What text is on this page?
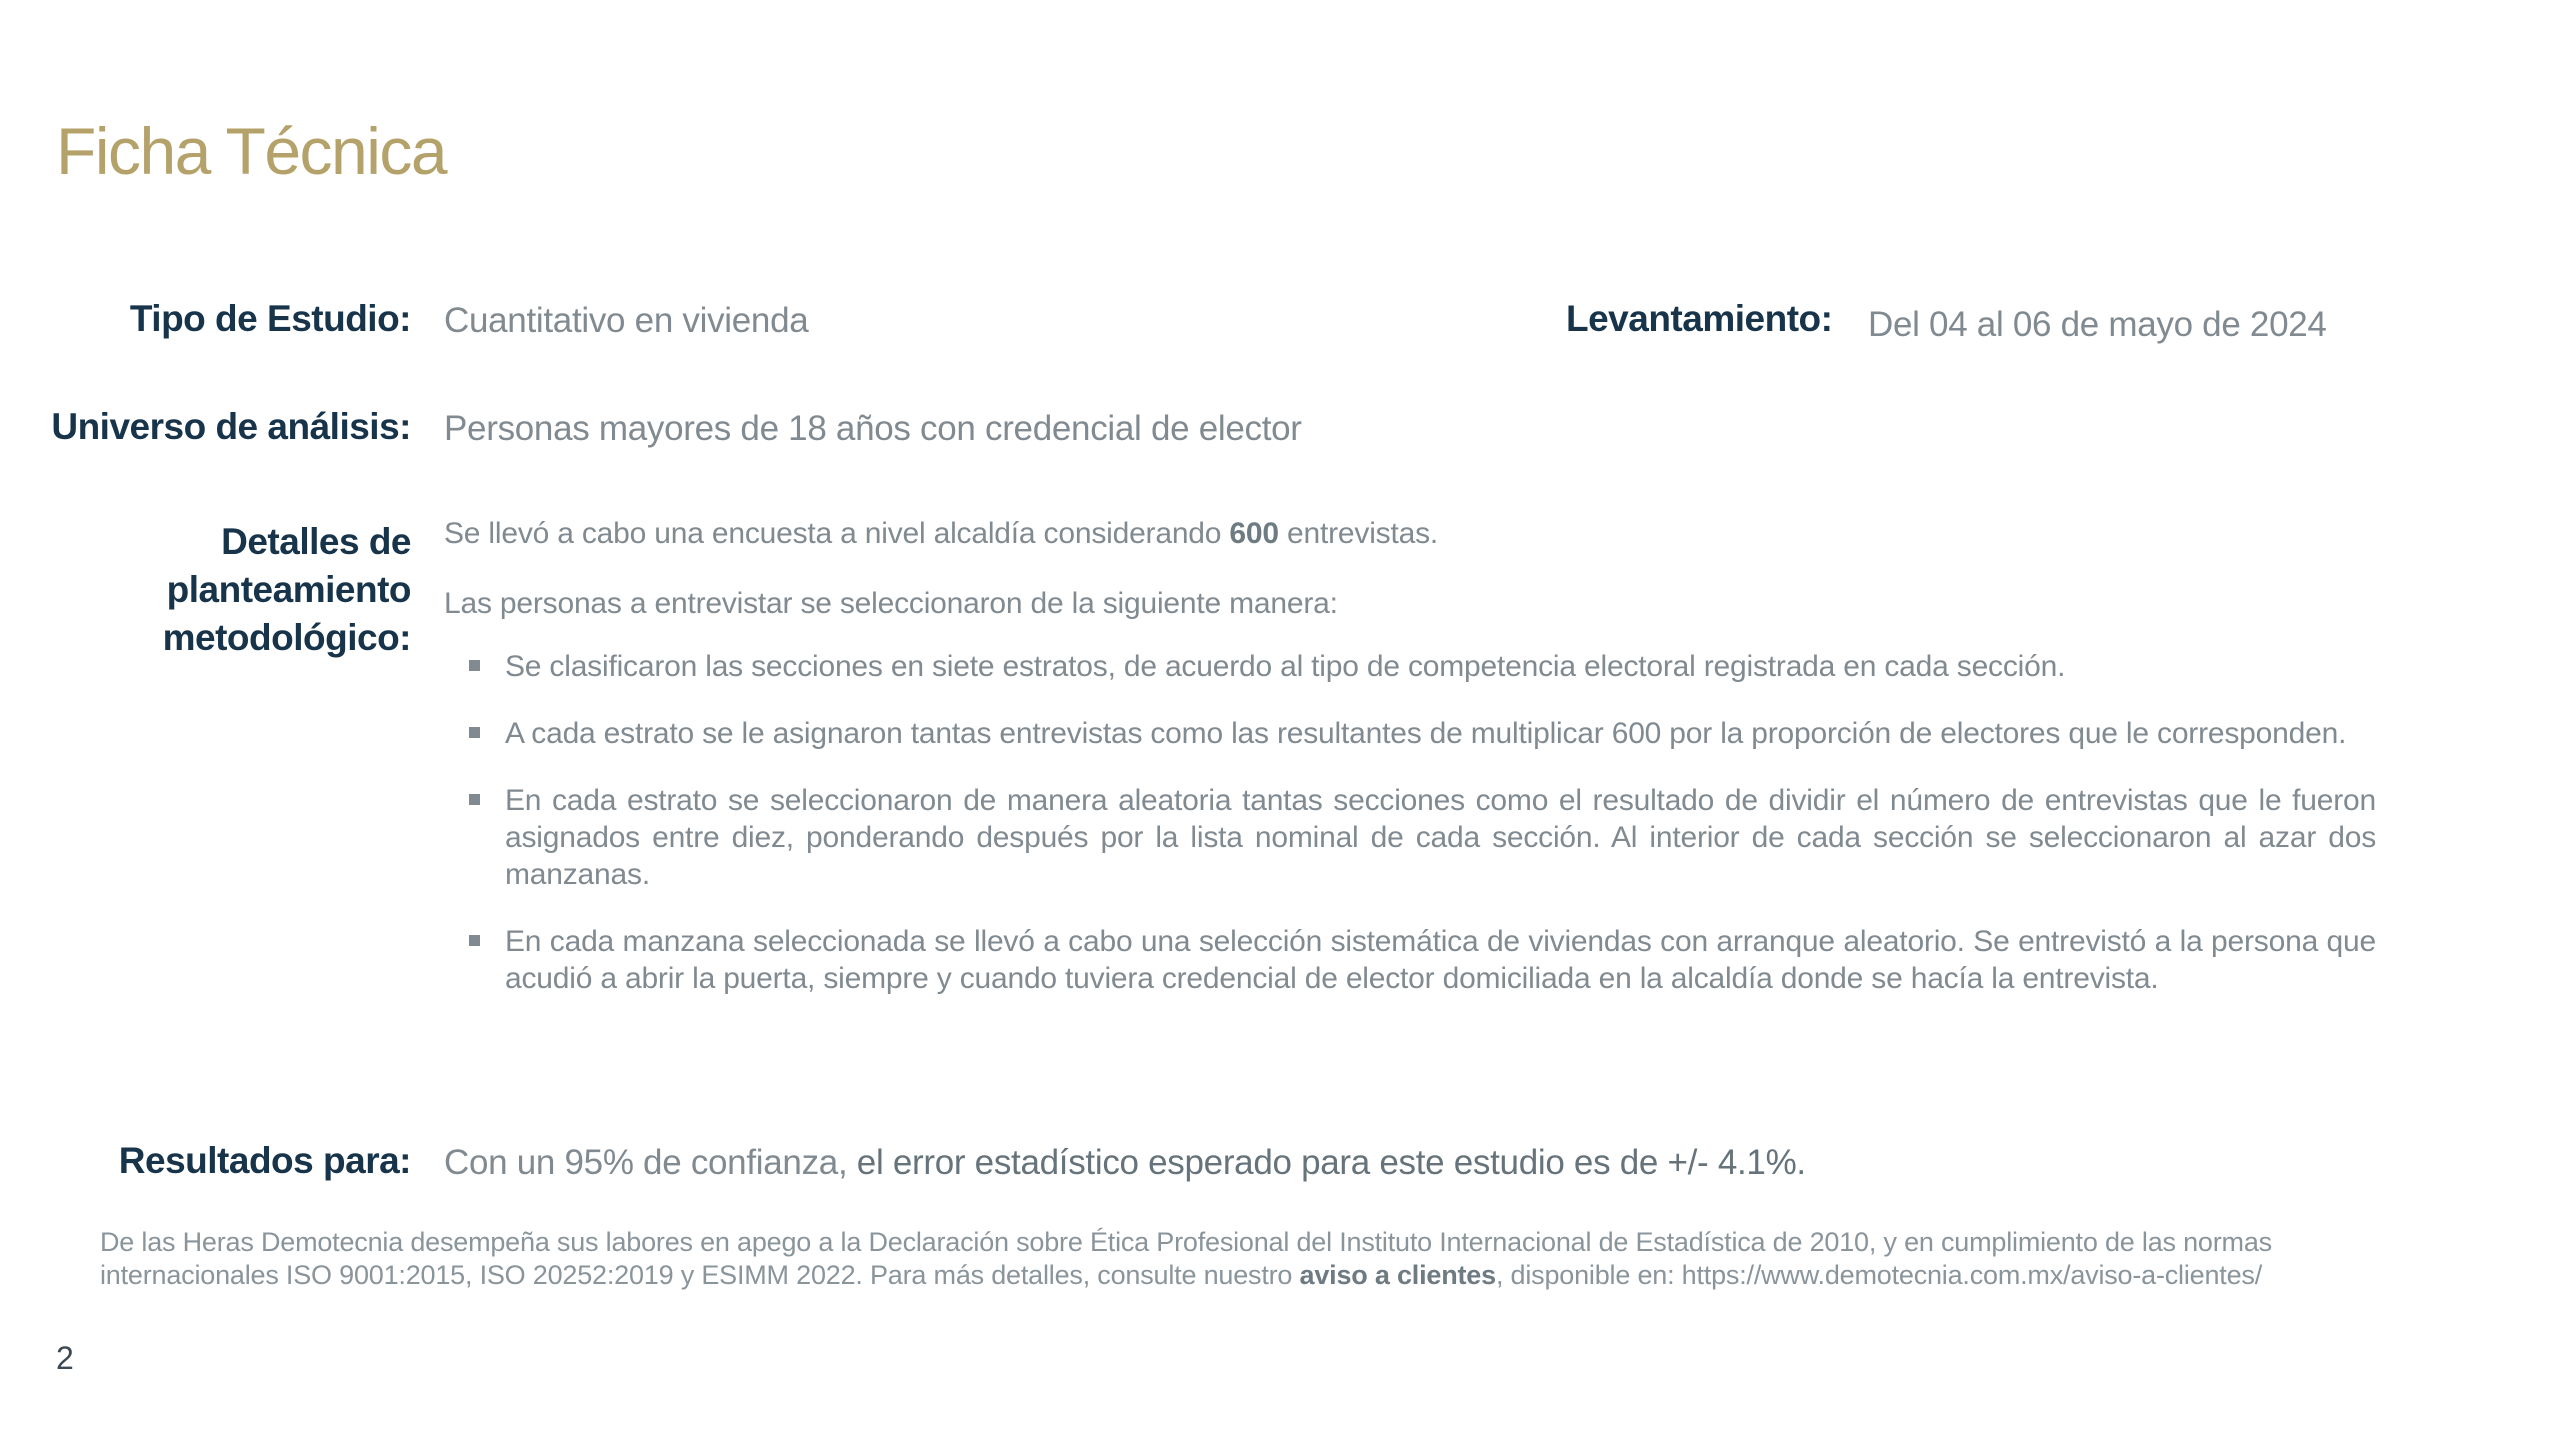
Ficha Técnica
Tipo de Estudio: Cuantitativo en vivienda	Levantamiento: Del 04 al 06 de mayo de 2024
Universo de análisis: Personas mayores de 18 años con credencial de elector
Detalles de
planteamiento
metodológico:

Se llevó a cabo una encuesta a nivel alcaldía considerando 600 entrevistas.

Las personas a entrevistar se seleccionaron de la siguiente manera:

Se clasificaron las secciones en siete estratos, de acuerdo al tipo de competencia electoral registrada en cada sección.
A cada estrato se le asignaron tantas entrevistas como las resultantes de multiplicar 600 por la proporción de electores que le corresponden.
En cada estrato se seleccionaron de manera aleatoria tantas secciones como el resultado de dividir el número de entrevistas que le fueron asignados entre diez, ponderando después por la lista nominal de cada sección. Al interior de cada sección se seleccionaron al azar dos manzanas.
En cada manzana seleccionada se llevó a cabo una selección sistemática de viviendas con arranque aleatorio. Se entrevistó a la persona que acudió a abrir la puerta, siempre y cuando tuviera credencial de elector domiciliada en la alcaldía donde se hacía la entrevista.
Resultados para: Con un 95% de confianza, el error estadístico esperado para este estudio es de +/- 4.1%.

De las Heras Demotecnia desempeña sus labores en apego a la Declaración sobre Ética Profesional del Instituto Internacional de Estadística de 2010, y en cumplimiento de las normas internacionales ISO 9001:2015, ISO 20252:2019 y ESIMM 2022. Para más detalles, consulte nuestro aviso a clientes, disponible en: https://www.demotecnia.com.mx/aviso-a-clientes/

2
